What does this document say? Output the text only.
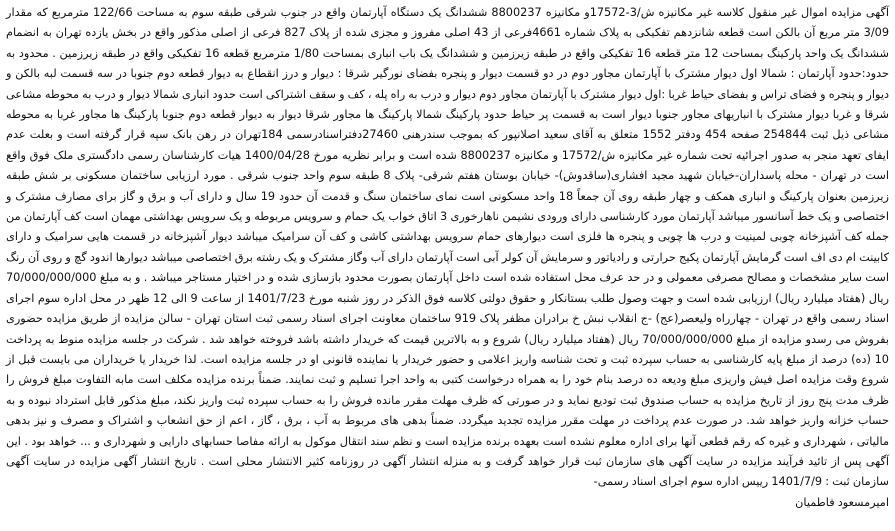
آگهی مزایده اموال غیر منقول کلاسه غیر مکانیزه ش/3-17572و مکانیزه 8800237 ششدانگ یک دستگاه آپارتمان واقع در جنوب شرقی طبقه سوم به مساحت 122/66 مترمربع که مقدار 3/09 متر مربع آن بالکن است قطعه شانزدهم تفکیکی به پلاک شماره 4661فرعی از 43 اصلی مفروز و مجزی شده از پلاک 827 فرعی از اصلی مذکور واقع در بخش یازده تهران به انضمام ششدانگ یک واحد پارکینگ بمساحت 12 متر قطعه 16 تفکیکی واقع در طبقه زیرزمین و ششدانگ یک باب انباری بمساحت 1/80 مترمربع قطعه 16 تفکیکی واقع در طبقه زیرزمین . محدود به حدود:حدود آپارتمان : شمالا اول دیوار مشترک با آپارتمان مجاور دوم در دو قسمت دیوار و پنجره بفضای نورگیر شرقا : دیوار و درز انقطاع به دیوار قطعه دوم جنوبا در سه قسمت لبه بالکن و دیوار و پنجره و فضای تراس و بفضای حیاط غربا :اول دیوار مشترک با آپارتمان مجاور دوم دیوار و درب به راه پله ، کف و سقف اشتراکی است حدود انباری شمالا دیوار و درب به محوطه مشاعی شرقا و غربا دیوار مشترک با انباریهای مجاور جنوبا دیوار است به قسمت پر حیاط حدود پارکینگ شمالا پارکینگ ها مجاور شرقا دیوار به دیوار قطعه دوم جنوبا پارکینگ ها مجاور غربا به محوطه مشاعی ذیل ثبت 254844 صفحه 454 ودفتر 1552 متعلق به آقای سعید اصلانپور که بموجب سندرهنی 27460دفتراسنادرسمی 184تهران در رهن بانک سپه قرار گرفته است و بعلت عدم ایفای تعهد منجر به صدور اجرائیه تحت شماره غیر مکانیزه ش/17572 و مکانیزه 8800237 شده است و برابر نظریه مورخ 1400/04/28 هیات کارشناسان رسمی دادگستری ملک فوق واقع است در تهران - محله پاسداران-خیابان شهید مجید افشاری(ساقدوش)- خیابان بوستان هفتم شرقی- پلاک 8 طبقه سوم واحد جنوب شرقی . مورد ارزیابی ساختمان مسکونی بر شش طبقه زیرزمین بعنوان پارکینگ و انباری همکف و چهار طبقه روی آن جمعاً 18 واحد مسکونی است نمای ساختمان سنگ و قدمت آن حدود 19 سال و دارای آب و برق و گاز برای مصارف مشترک و اختصاصی و یک خط آسانسور میباشد آپارتمان مورد کارشناسی دارای ورودی نشیمن ناهارخوری 3 اتاق خواب یک حمام و سرویس مربوطه و یک سرویس بهداشتی مهمان است کف آپارتمان من جمله کف آشپزخانه چوبی لمینیت و درب ها چوبی و پنجره ها فلزی است دیوارهای حمام سرویس بهداشتی کاشی و کف آن سرامیک میباشد دیوار آشپزخانه در قسمت هایی سرامیک و دارای کابینت ام دی اف است گرمایش آپارتمان پکیج حرارتی و رادیاتور و سرمایش آن کولر آبی است آپارتمان دارای آب وگاز مشترک و یک رشته برق اختصاصی میباشد دیوارها اندود گچ و روی آن رنگ است سایر مشخصات و مصالح مصرفی معمولی و در حد عرف محل استفاده شده است داخل آپارتمان بصورت محدود بازسازی شده و در اختیار مستاجر میباشد . و به مبلغ 70/000/000/000 ریال (هفتاد میلیارد ریال) ارزیابی شده است و جهت وصول طلب بستانکار و حقوق دولتی کلاسه فوق الذکر در روز شنبه مورخ 1401/7/23 از ساعت 9 الی 12 ظهر در محل اداره سوم اجرای اسناد رسمی واقع در تهران - چهارراه ولیعصر(عج) -ج انقلاب نبش خ برادران مظفر پلاک 919 ساختمان معاونت اجرای اسناد رسمی ثبت استان تهران - سالن مزایده از طریق مزایده حضوری بفروش می رسدو مزایده از مبلغ 70/000/000/000 ریال (هفتاد میلیارد ریال) شروع و به بالاترین قیمت که خریدار داشته باشد فروخته خواهد شد . شرکت در جلسه مزایده منوط به پرداخت 10 (ده) درصد از مبلغ پایه کارشناسی به حساب سپرده ثبت و تحت شناسه واریز اعلامی و حضور خریدار یا نماینده قانونی او در جلسه مزایده است. لذا خریدار یا خریداران می بایست قبل از شروع وقت مزایده اصل فیش واریزی مبلغ ودیعه ده درصد بنام خود را به همراه درخواست کتبی به واحد اجرا تسلیم و ثبت نمایند. ضمناً برنده مزایده مکلف است مابه التفاوت مبلغ فروش را ظرف مدت پنج روز از تاریخ مزایده به حساب صندوق ثبت تودیع نماید و در صورتی که ظرف مهلت مقرر مانده فروش را به حساب سپرده ثبت واریز نکند، مبلغ مذکور قابل استرداد نبوده و به حساب خزانه واریز خواهد شد. در صورت عدم پرداخت در مهلت مقرر مزایده تجدید میگردد. ضمناً بدهی های مربوط به آب ، برق ، گاز ، اعم از حق انشعاب و اشتراک و مصرف و نیز بدهی مالیاتی ، شهرداری و غیره که رقم قطعی آنها برای اداره معلوم نشده است بعهده برنده مزایده است و نظم سند انتقال موکول به ارائه مفاصا حسابهای دارایی و شهرداری و ... خواهد بود . این آگهی پس از تائید فرآیند مزایده در سایت آگهی های سازمان ثبت قرار خواهد گرفت و به منزله انتشار آگهی در روزنامه کثیر الانتشار محلی است . تاریخ انتشار آگهی مزایده در سایت آگهی سازمان ثبت : 1401/7/9 رییس اداره سوم اجرای اسناد رسمی-
امیرمسعود فاطمیان
